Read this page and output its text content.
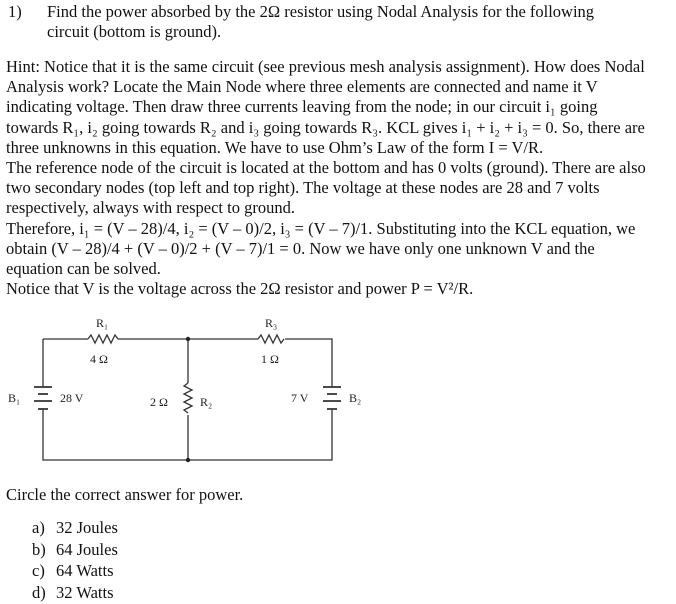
1)	Find the power absorbed by the 2Ω resistor using Nodal Analysis for the following
circuit (bottom is ground).
Hint: Notice that it is the same circuit (see previous mesh analysis assignment). How does Nodal
Analysis work? Locate the Main Node where three elements are connected and name it V
indicating voltage. Then draw three currents leaving from the node; in our circuit i₁ going
towards R₁, i₂ going towards R₂ and i₃ going towards R₃. KCL gives i₁ + i₂ + i₃ = 0. So, there are
three unknowns in this equation. We have to use Ohm’s Law of the form I = V/R.
The reference node of the circuit is located at the bottom and has 0 volts (ground). There are also
two secondary nodes (top left and top right). The voltage at these nodes are 28 and 7 volts
respectively, always with respect to ground.
Therefore, i₁ = (V – 28)/4, i₂ = (V – 0)/2, i₃ = (V – 7)/1. Substituting into the KCL equation, we
obtain (V – 28)/4 + (V – 0)/2 + (V – 7)/1 = 0. Now we have only one unknown V and the
equation can be solved.
Notice that V is the voltage across the 2Ω resistor and power P = V²/R.
R₁
4 Ω
R₃
1 Ω
2 Ω	R₂
B₁	28 V	7 V	B₂
Circle the correct answer for power.
a) 32 Joules
b) 64 Joules
c) 64 Watts
d) 32 Watts
